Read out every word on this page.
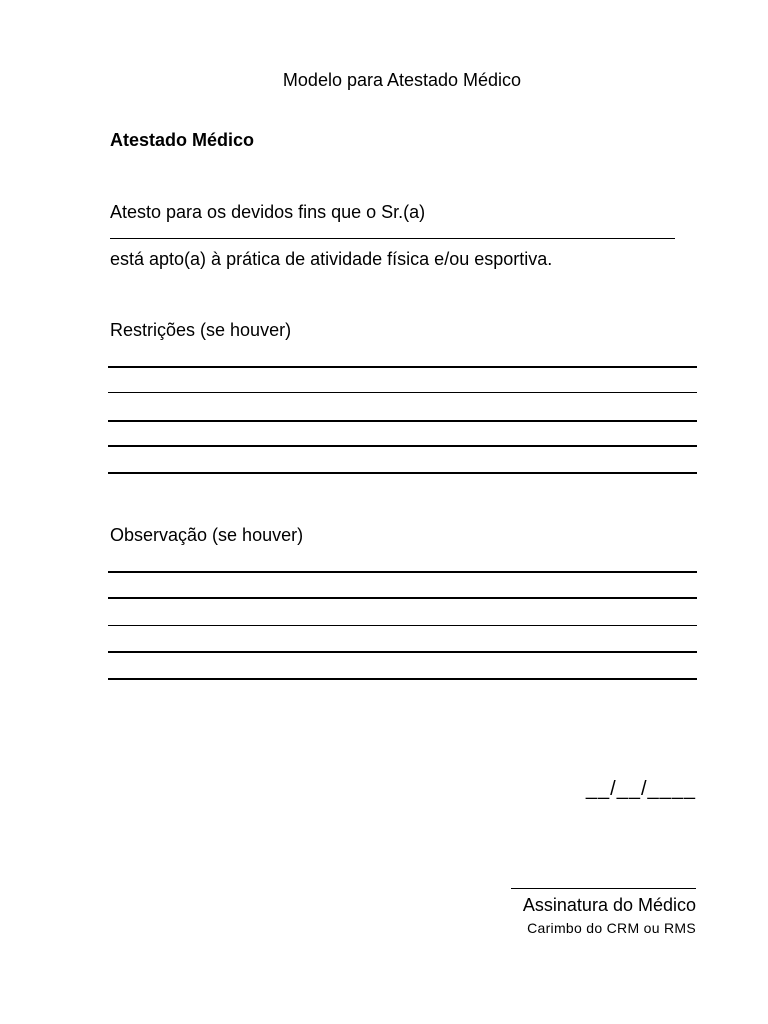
Modelo para Atestado Médico
Atestado Médico
Atesto para os devidos fins que o Sr.(a)
está apto(a) à prática de atividade física e/ou esportiva.
Restrições (se houver)
Observação (se houver)
__/__/____
Assinatura do Médico
Carimbo do CRM ou RMS
